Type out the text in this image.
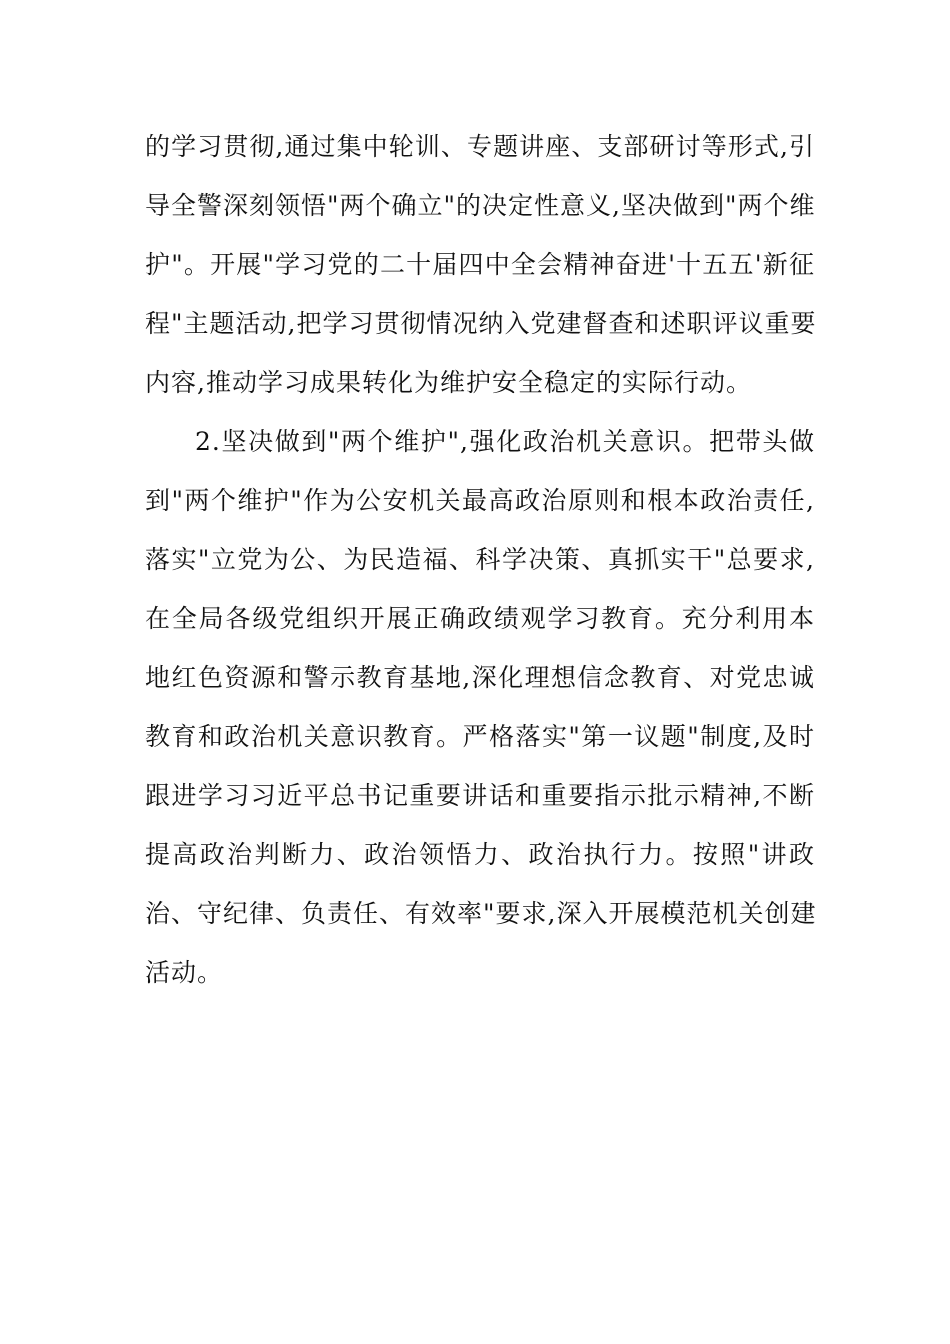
的学习贯彻,通过集中轮训、专题讲座、支部研讨等形式,引
导全警深刻领悟"两个确立"的决定性意义,坚决做到"两个维
护"。开展"学习党的二十届四中全会精神奋进'十五五'新征
程"主题活动,把学习贯彻情况纳入党建督查和述职评议重要
内容,推动学习成果转化为维护安全稳定的实际行动。
2.坚决做到"两个维护",强化政治机关意识。把带头做
到"两个维护"作为公安机关最高政治原则和根本政治责任,
落实"立党为公、为民造福、科学决策、真抓实干"总要求,
在全局各级党组织开展正确政绩观学习教育。充分利用本
地红色资源和警示教育基地,深化理想信念教育、对党忠诚
教育和政治机关意识教育。严格落实"第一议题"制度,及时
跟进学习习近平总书记重要讲话和重要指示批示精神,不断
提高政治判断力、政治领悟力、政治执行力。按照"讲政
治、守纪律、负责任、有效率"要求,深入开展模范机关创建
活动。
